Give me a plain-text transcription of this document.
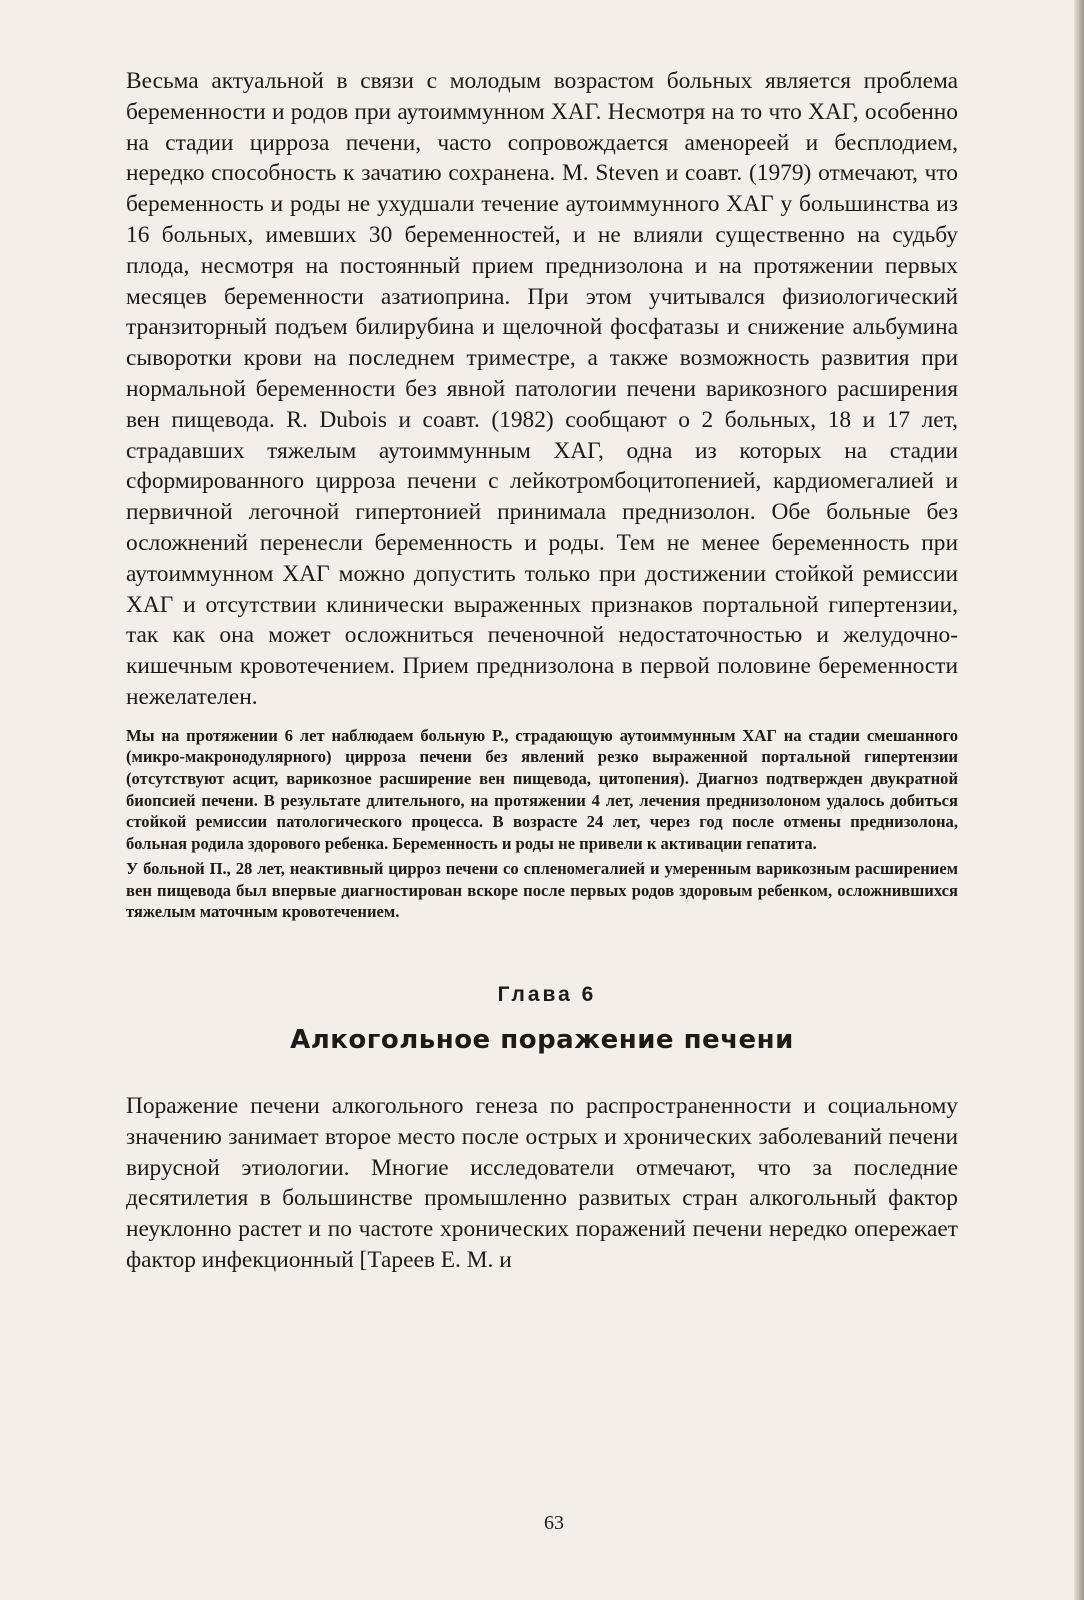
Весьма актуальной в связи с молодым возрастом больных является проблема беременности и родов при аутоиммунном ХАГ. Несмотря на то что ХАГ, особенно на стадии цирроза печени, часто сопровождается аменореей и бесплодием, нередко способность к зачатию сохранена. M. Steven и соавт. (1979) отмечают, что беременность и роды не ухудшали течение аутоиммунного ХАГ у большинства из 16 больных, имевших 30 беременностей, и не влияли существенно на судьбу плода, несмотря на постоянный прием преднизолона и на протяжении первых месяцев беременности азатиоприна. При этом учитывался физиологический транзиторный подъем билирубина и щелочной фосфатазы и снижение альбумина сыворотки крови на последнем триместре, а также возможность развития при нормальной беременности без явной патологии печени варикозного расширения вен пищевода. R. Dubois и соавт. (1982) сообщают о 2 больных, 18 и 17 лет, страдавших тяжелым аутоиммунным ХАГ, одна из которых на стадии сформированного цирроза печени с лейкотромбоцитопенией, кардиомегалией и первичной легочной гипертонией принимала преднизолон. Обе больные без осложнений перенесли беременность и роды. Тем не менее беременность при аутоиммунном ХАГ можно допустить только при достижении стойкой ремиссии ХАГ и отсутствии клинически выраженных признаков портальной гипертензии, так как она может осложниться печеночной недостаточностью и желудочно-кишечным кровотечением. Прием преднизолона в первой половине беременности нежелателен.

Мы на протяжении 6 лет наблюдаем больную Р., страдающую аутоиммунным ХАГ на стадии смешанного (микро-макронодулярного) цирроза печени без явлений резко выраженной портальной гипертензии (отсутствуют асцит, варикозное расширение вен пищевода, цитопения). Диагноз подтвержден двукратной биопсией печени. В результате длительного, на протяжении 4 лет, лечения преднизолоном удалось добиться стойкой ремиссии патологического процесса. В возрасте 24 лет, через год после отмены преднизолона, больная родила здорового ребенка. Беременность и роды не привели к активации гепатита.

У больной П., 28 лет, неактивный цирроз печени со спленомегалией и умеренным варикозным расширением вен пищевода был впервые диагностирован вскоре после первых родов здоровым ребенком, осложнившихся тяжелым маточным кровотечением.

Глава 6

Алкогольное поражение печени

Поражение печени алкогольного генеза по распространенности и социальному значению занимает второе место после острых и хронических заболеваний печени вирусной этиологии. Многие исследователи отмечают, что за последние десятилетия в большинстве промышленно развитых стран алкогольный фактор неуклонно растет и по частоте хронических поражений печени нередко опережает фактор инфекционный [Тареев Е. М. и

63
